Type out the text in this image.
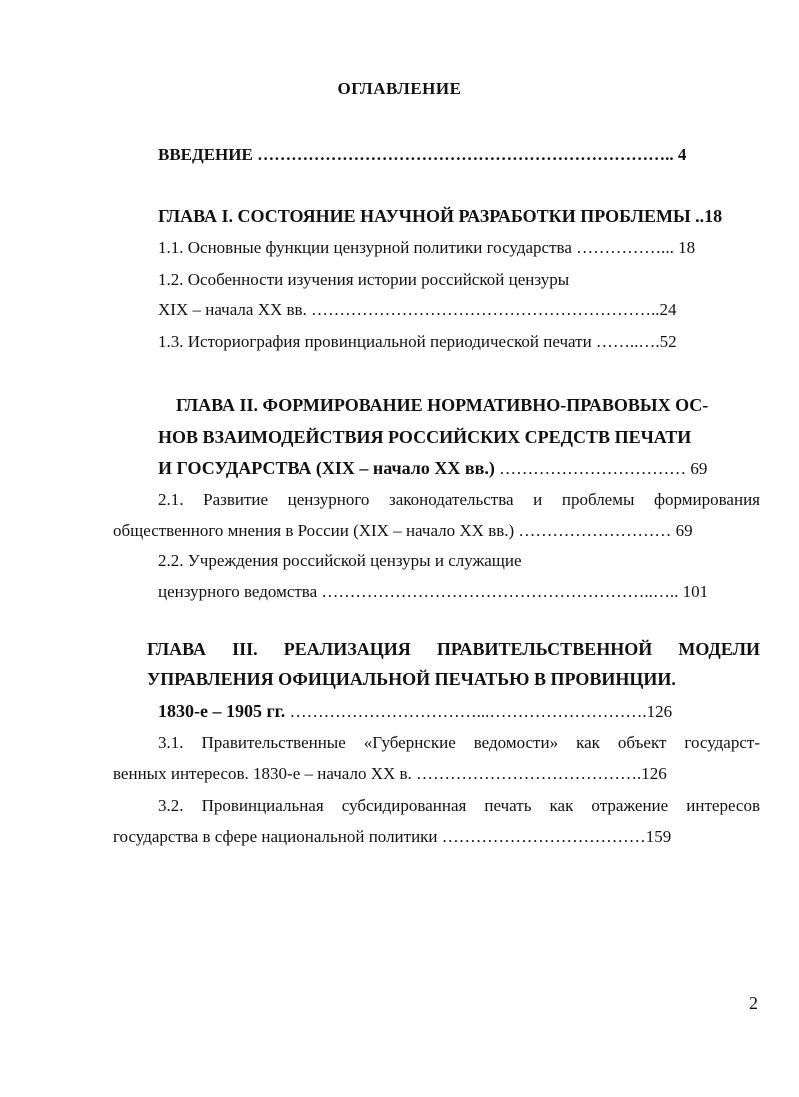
ОГЛАВЛЕНИЕ
ВВЕДЕНИЕ ……………………………………………………………….. 4
ГЛАВА I. СОСТОЯНИЕ НАУЧНОЙ РАЗРАБОТКИ ПРОБЛЕМЫ ..18
1.1. Основные функции цензурной политики государства ……………... 18
1.2. Особенности изучения истории российской цензуры
XIX – начала XX вв. ……………………………………………………..24
1.3. Историография провинциальной периодической печати ……..….52
ГЛАВА II. ФОРМИРОВАНИЕ НОРМАТИВНО-ПРАВОВЫХ ОС-
НОВ ВЗАИМОДЕЙСТВИЯ РОССИЙСКИХ СРЕДСТВ ПЕЧАТИ
И ГОСУДАРСТВА (XIX – начало XX вв.) …………………………… 69
2.1. Развитие цензурного законодательства и проблемы формирования
общественного мнения в России (XIX – начало XX вв.) ……………………… 69
2.2. Учреждения российской цензуры и служащие
цензурного ведомства …………………………………………………..….. 101
ГЛАВА III. РЕАЛИЗАЦИЯ ПРАВИТЕЛЬСТВЕННОЙ МОДЕЛИ
УПРАВЛЕНИЯ ОФИЦИАЛЬНОЙ ПЕЧАТЬЮ В ПРОВИНЦИИ.
1830-е – 1905 гг. ……………………………...……………………….126
3.1. Правительственные «Губернские ведомости» как объект государст-
венных интересов. 1830-е – начало XX в. ………………………………….126
3.2. Провинциальная субсидированная печать как отражение интересов
государства в сфере национальной политики ………………………………159
2
